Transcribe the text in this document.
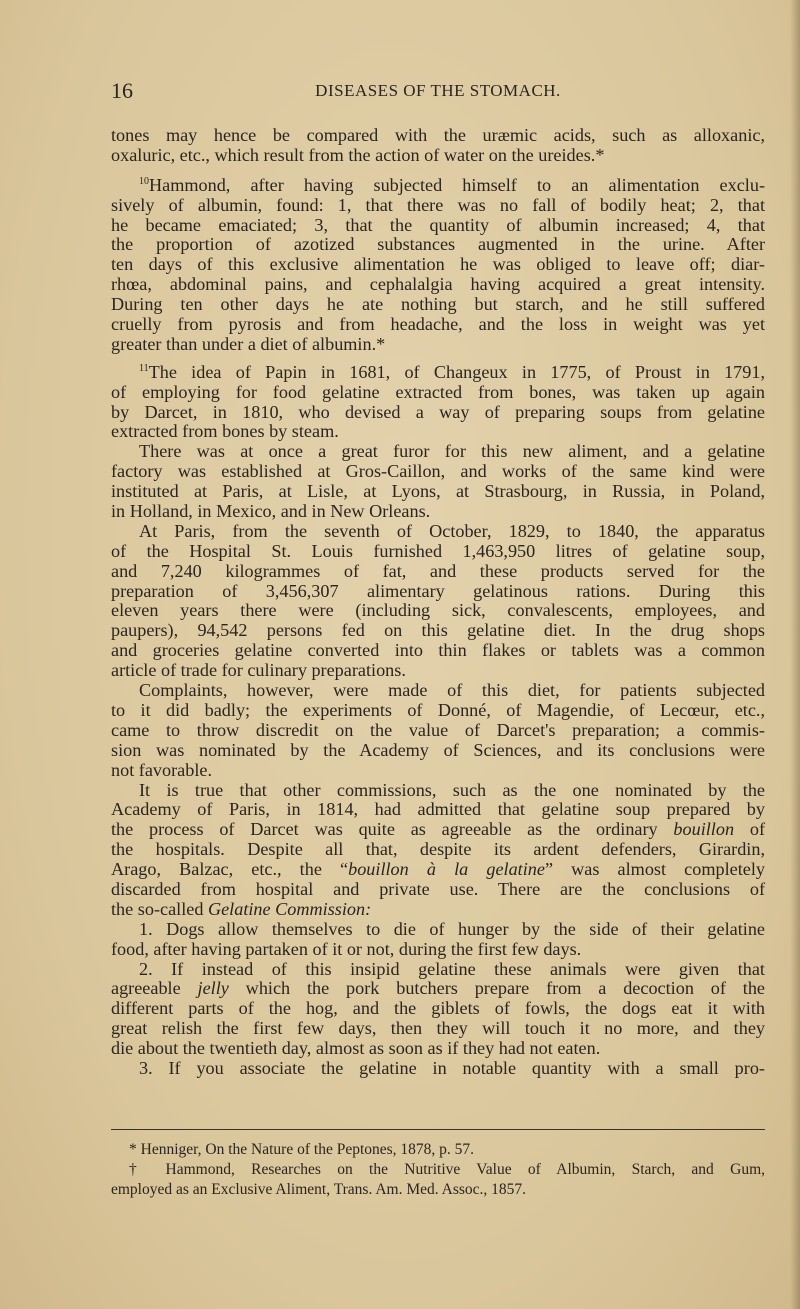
16	DISEASES OF THE STOMACH.
tones may hence be compared with the uræmic acids, such as alloxanic,
oxaluric, etc., which result from the action of water on the ureides.*
$^{10}$Hammond, after having subjected himself to an alimentation exclu-
sively of albumin, found: 1, that there was no fall of bodily heat; 2, that
he became emaciated; 3, that the quantity of albumin increased; 4, that
the proportion of azotized substances augmented in the urine. After
ten days of this exclusive alimentation he was obliged to leave off; diar-
rhœa, abdominal pains, and cephalalgia having acquired a great intensity.
During ten other days he ate nothing but starch, and he still suffered
cruelly from pyrosis and from headache, and the loss in weight was yet
greater than under a diet of albumin.*
$^{11}$The idea of Papin in 1681, of Changeux in 1775, of Proust in 1791,
of employing for food gelatine extracted from bones, was taken up again
by Darcet, in 1810, who devised a way of preparing soups from gelatine
extracted from bones by steam.
There was at once a great furor for this new aliment, and a gelatine
factory was established at Gros-Caillon, and works of the same kind were
instituted at Paris, at Lisle, at Lyons, at Strasbourg, in Russia, in Poland,
in Holland, in Mexico, and in New Orleans.
At Paris, from the seventh of October, 1829, to 1840, the apparatus
of the Hospital St. Louis furnished 1,463,950 litres of gelatine soup,
and 7,240 kilogrammes of fat, and these products served for the
preparation of 3,456,307 alimentary gelatinous rations. During this
eleven years there were (including sick, convalescents, employees, and
paupers), 94,542 persons fed on this gelatine diet. In the drug shops
and groceries gelatine converted into thin flakes or tablets was a common
article of trade for culinary preparations.
Complaints, however, were made of this diet, for patients subjected
to it did badly; the experiments of Donné, of Magendie, of Lecœur, etc.,
came to throw discredit on the value of Darcet's preparation; a commis-
sion was nominated by the Academy of Sciences, and its conclusions were
not favorable.
It is true that other commissions, such as the one nominated by the
Academy of Paris, in 1814, had admitted that gelatine soup prepared by
the process of Darcet was quite as agreeable as the ordinary bouillon of
the hospitals. Despite all that, despite its ardent defenders, Girardin,
Arago, Balzac, etc., the “bouillon à la gelatine” was almost completely
discarded from hospital and private use. There are the conclusions of
the so-called Gelatine Commission:
1. Dogs allow themselves to die of hunger by the side of their gelatine
food, after having partaken of it or not, during the first few days.
2. If instead of this insipid gelatine these animals were given that
agreeable jelly which the pork butchers prepare from a decoction of the
different parts of the hog, and the giblets of fowls, the dogs eat it with
great relish the first few days, then they will touch it no more, and they
die about the twentieth day, almost as soon as if they had not eaten.
3. If you associate the gelatine in notable quantity with a small pro-
* Henniger, On the Nature of the Peptones, 1878, p. 57.
† Hammond, Researches on the Nutritive Value of Albumin, Starch, and Gum,
employed as an Exclusive Aliment, Trans. Am. Med. Assoc., 1857.
